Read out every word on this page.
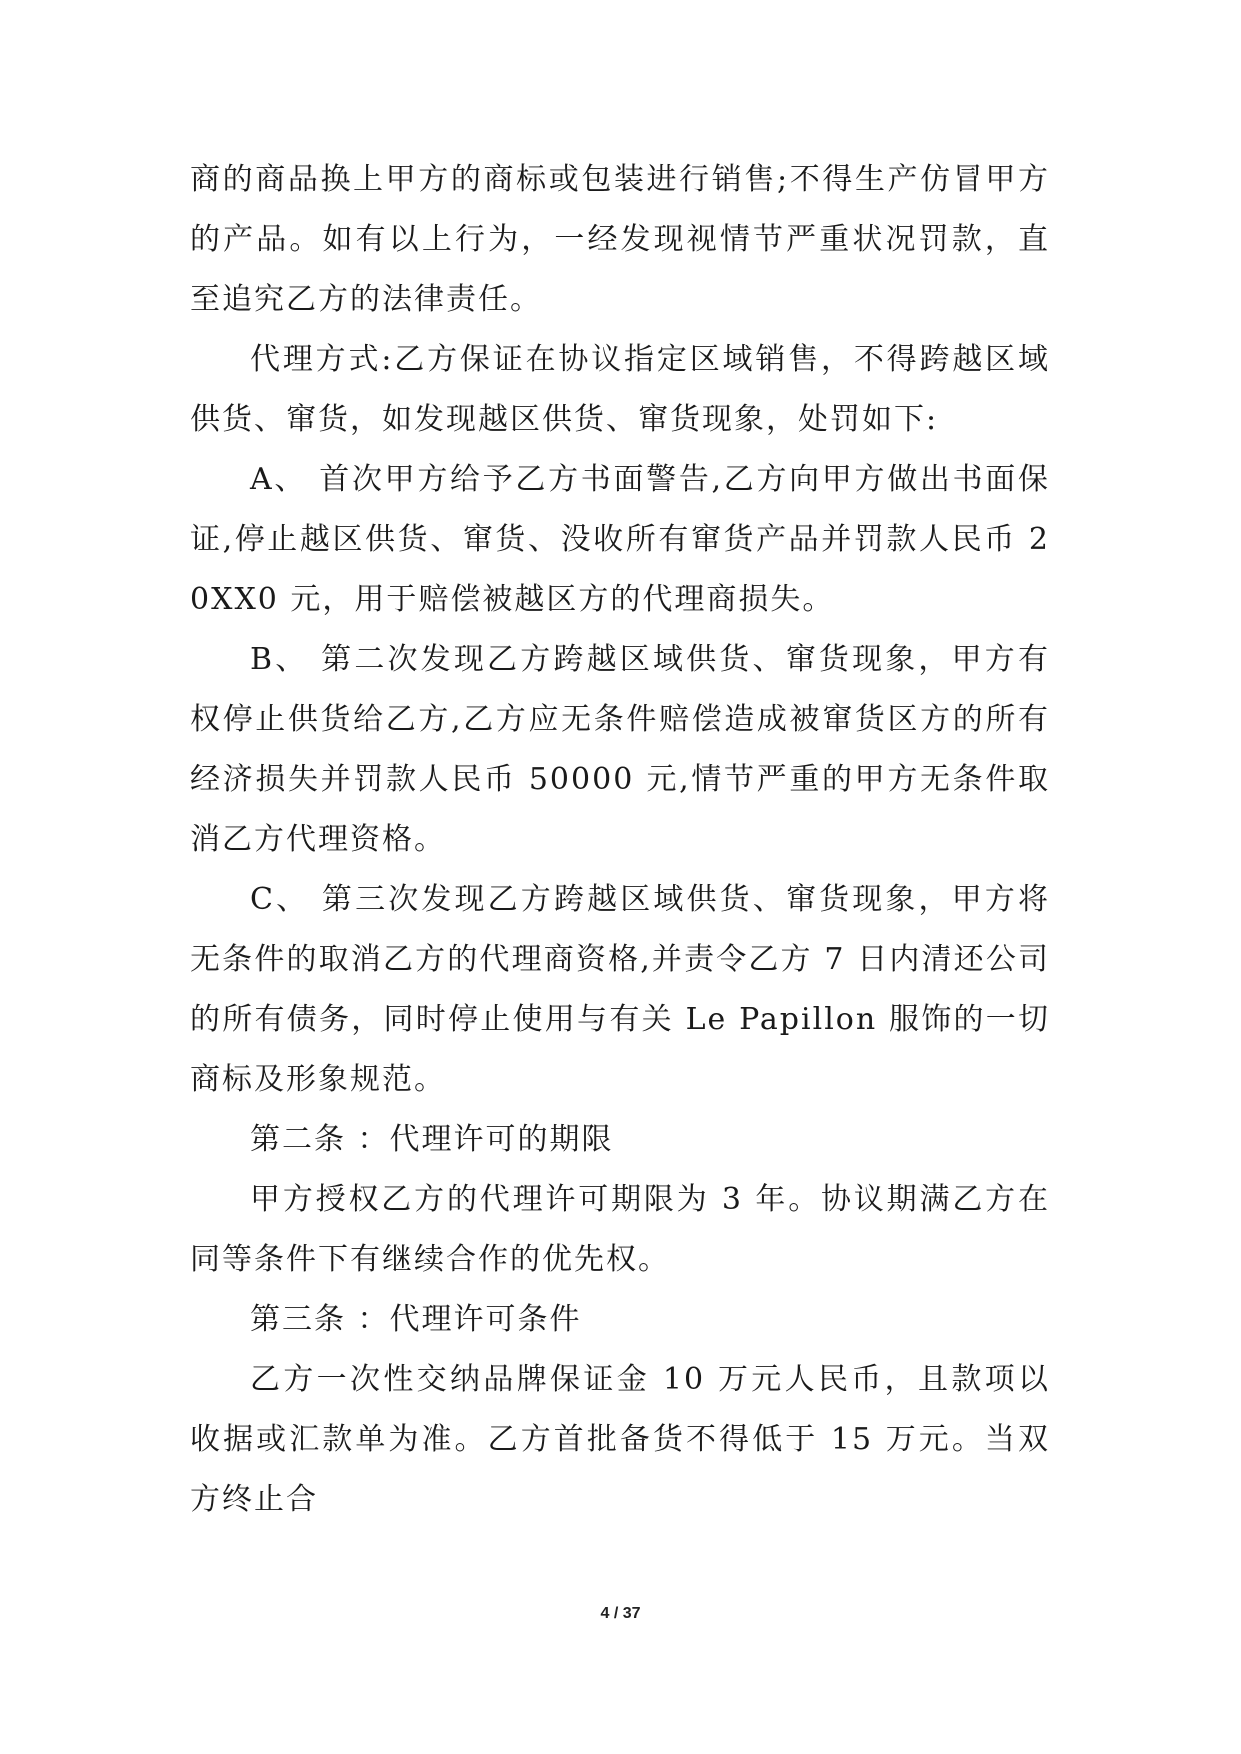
商的商品换上甲方的商标或包装进行销售;不得生产仿冒甲方的产品。如有以上行为，一经发现视情节严重状况罚款，直至追究乙方的法律责任。

代理方式:乙方保证在协议指定区域销售，不得跨越区域供货、窜货，如发现越区供货、窜货现象，处罚如下:

A、 首次甲方给予乙方书面警告,乙方向甲方做出书面保证,停止越区供货、窜货、没收所有窜货产品并罚款人民币 20XX0 元，用于赔偿被越区方的代理商损失。

B、 第二次发现乙方跨越区域供货、窜货现象，甲方有权停止供货给乙方,乙方应无条件赔偿造成被窜货区方的所有经济损失并罚款人民币 50000 元,情节严重的甲方无条件取消乙方代理资格。

C、 第三次发现乙方跨越区域供货、窜货现象，甲方将无条件的取消乙方的代理商资格,并责令乙方 7 日内清还公司的所有债务，同时停止使用与有关 Le Papillon 服饰的一切商标及形象规范。

第二条 ：代理许可的期限

甲方授权乙方的代理许可期限为 3 年。协议期满乙方在同等条件下有继续合作的优先权。

第三条 ：代理许可条件

乙方一次性交纳品牌保证金 10 万元人民币，且款项以收据或汇款单为准。乙方首批备货不得低于 15 万元。当双方终止合

4 / 37
